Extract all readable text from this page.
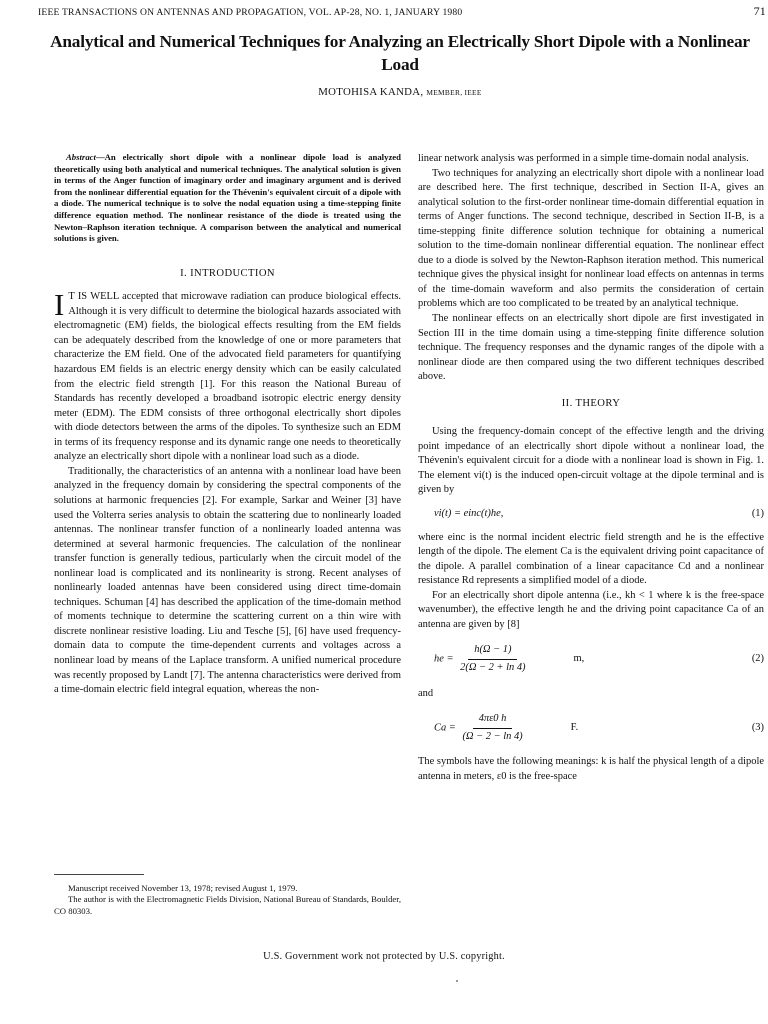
IEEE TRANSACTIONS ON ANTENNAS AND PROPAGATION, VOL. AP-28, NO. 1, JANUARY 1980	71
Analytical and Numerical Techniques for Analyzing an Electrically Short Dipole with a Nonlinear Load
MOTOHISA KANDA, MEMBER, IEEE

Abstract—An electrically short dipole with a nonlinear dipole load is analyzed theoretically using both analytical and numerical techniques. The analytical solution is given in terms of the Anger function of imaginary order and imaginary argument and is derived from the nonlinear differential equation for the Thévenin's equivalent circuit of a dipole with a diode. The numerical technique is to solve the nodal equation using a time-stepping finite difference equation method. The nonlinear resistance of the diode is treated using the Newton–Raphson iteration technique. A comparison between the analytical and numerical solutions is given.

I. INTRODUCTION

I T IS WELL accepted that microwave radiation can produce biological effects. Although it is very difficult to determine the biological hazards associated with electromagnetic (EM) fields, the biological effects resulting from the EM fields can be adequately described from the knowledge of one or more parameters that characterize the EM field. One of the advocated field parameters for quantifying hazardous EM fields is an electric energy density which can be easily calculated from the electric field strength [1]. For this reason the National Bureau of Standards has recently developed a broadband isotropic electric energy density meter (EDM). The EDM consists of three orthogonal electrically short dipoles with diode detectors between the arms of the dipoles. To synthesize such an EDM in terms of its frequency response and its dynamic range one needs to theoretically analyze an electrically short dipole with a nonlinear load such as a diode.

Traditionally, the characteristics of an antenna with a nonlinear load have been analyzed in the frequency domain by considering the spectral components of the solutions at harmonic frequencies [2]. For example, Sarkar and Weiner [3] have used the Volterra series analysis to obtain the scattering due to nonlinearly loaded antennas. The nonlinear transfer function of a nonlinearly loaded antenna was determined at several harmonic frequencies. The calculation of the nonlinear transfer function is generally tedious, particularly when the circuit model of the nonlinear load is complicated and its nonlinearity is strong. Recent analyses of nonlinearly loaded antennas have been considered using direct time-domain techniques. Schuman [4] has described the application of the time-domain method of moments technique to determine the scattering current on a thin wire with discrete nonlinear resistive loading. Liu and Tesche [5], [6] have used frequency-domain data to compute the time-dependent currents and voltages across a nonlinear load by means of the Laplace transform. A unified numerical procedure was recently proposed by Landt [7]. The antenna characteristics were derived from a time-domain electric field integral equation, whereas the non-

linear network analysis was performed in a simple time-domain nodal analysis.

Two techniques for analyzing an electrically short dipole with a nonlinear load are described here. The first technique, described in Section II-A, gives an analytical solution to the first-order nonlinear time-domain differential equation in terms of Anger functions. The second technique, described in Section II-B, is a time-stepping finite difference solution technique for obtaining a numerical solution to the time-domain nonlinear differential equation. The nonlinear effect due to a diode is solved by the Newton-Raphson iteration method. This numerical technique gives the physical insight for nonlinear load effects on antennas in terms of the time-domain waveform and also permits the consideration of certain problems which are too complicated to be treated by an analytical technique.

The nonlinear effects on an electrically short dipole are first investigated in Section III in the time domain using a time-stepping finite difference solution technique. The frequency responses and the dynamic ranges of the dipole with a nonlinear diode are then compared using the two different techniques described above.

II. THEORY

Using the frequency-domain concept of the effective length and the driving point impedance of an electrically short dipole without a nonlinear load, the Thévenin's equivalent circuit for a diode with a nonlinear load is shown in Fig. 1. The element vi(t) is the induced open-circuit voltage at the dipole terminal and is given by

vi(t) = einc(t)he,	(1)

where einc is the normal incident electric field strength and he is the effective length of the dipole. The element Ca is the equivalent driving point capacitance of the dipole. A parallel combination of a linear capacitance Cd and a nonlinear resistance Rd represents a simplified model of a diode.

For an electrically short dipole antenna (i.e., kh < 1 where k is the free-space wavenumber), the effective length he and the driving point capacitance Ca of an antenna are given by [8]

he = $\frac{h(\Omega - 1)}{2(\Omega - 2 + \ln 4)}$	m,	(2)

and

$Ca = \frac{4\pi\varepsilon 0 h}{(\Omega - 2 - \ln 4)}$	F.	(3)

The symbols have the following meanings: k is half the physical length of a dipole antenna in meters, ε0 is the free-space

Manuscript received November 13, 1978; revised August 1, 1979.

The author is with the Electromagnetic Fields Division, National Bureau of Standards, Boulder, CO 80303.

U.S. Government work not protected by U.S. copyright.
